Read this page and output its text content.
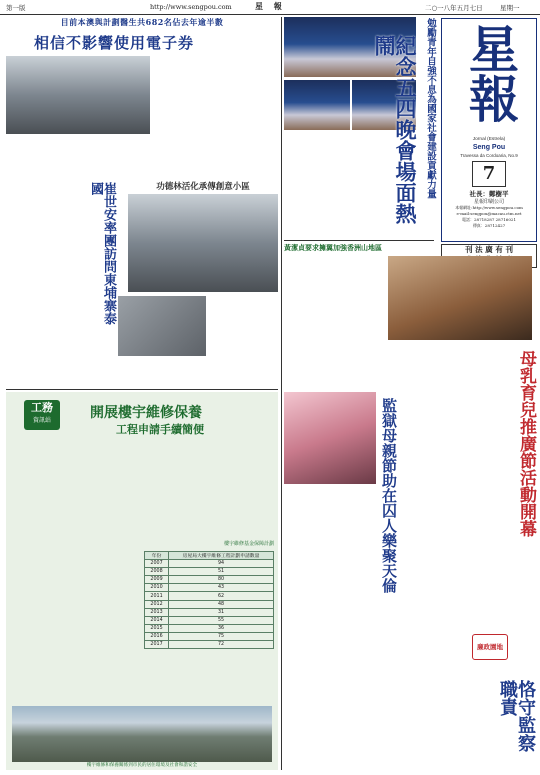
第一版	http://www.sengpou.com	星 報	二○一八年五月七日	星期一
目前本澳與計劃醫生共682名佔去年逾半數
相信不影響使用電子券	勉勵青年自強不息為國家社會建設貢獻力量
紀念五四晚會場面熱鬧	星報
Jornal (Estrela)
Seng Pou
Travessa da Cordoaria, No.9
7
社長：鄭樹平
星報印刷公司
本報網址:http://www.sengpou.com
e-mail:sengpou@macau.ctm.net
電話：28718287 28716021
傳真：28712427
刊 法 廣 有 刊
崔世安率團訪問東埔寨泰國	功德林活化承傳創意小區
黃潔貞要求擁翼加強香洲山地區
工務
資訊站	開展樓宇維修保養
工程申請手續簡便
樓宇維修基金保障計劃
年份	房屋局大樓宇維修工程計劃申請數量
2007	94
2008	51
2009	80
2010	43
2011	62
2012	48
2013	31
2014	55
2015	36
2016	75
2017	72
樓宇維修和保養關係到市民的居住環境及社會和諧安全
監獄母親節助在囚人樂聚天倫	母乳育兒推廣節活動開幕
廉政園地
恪守監察職責
